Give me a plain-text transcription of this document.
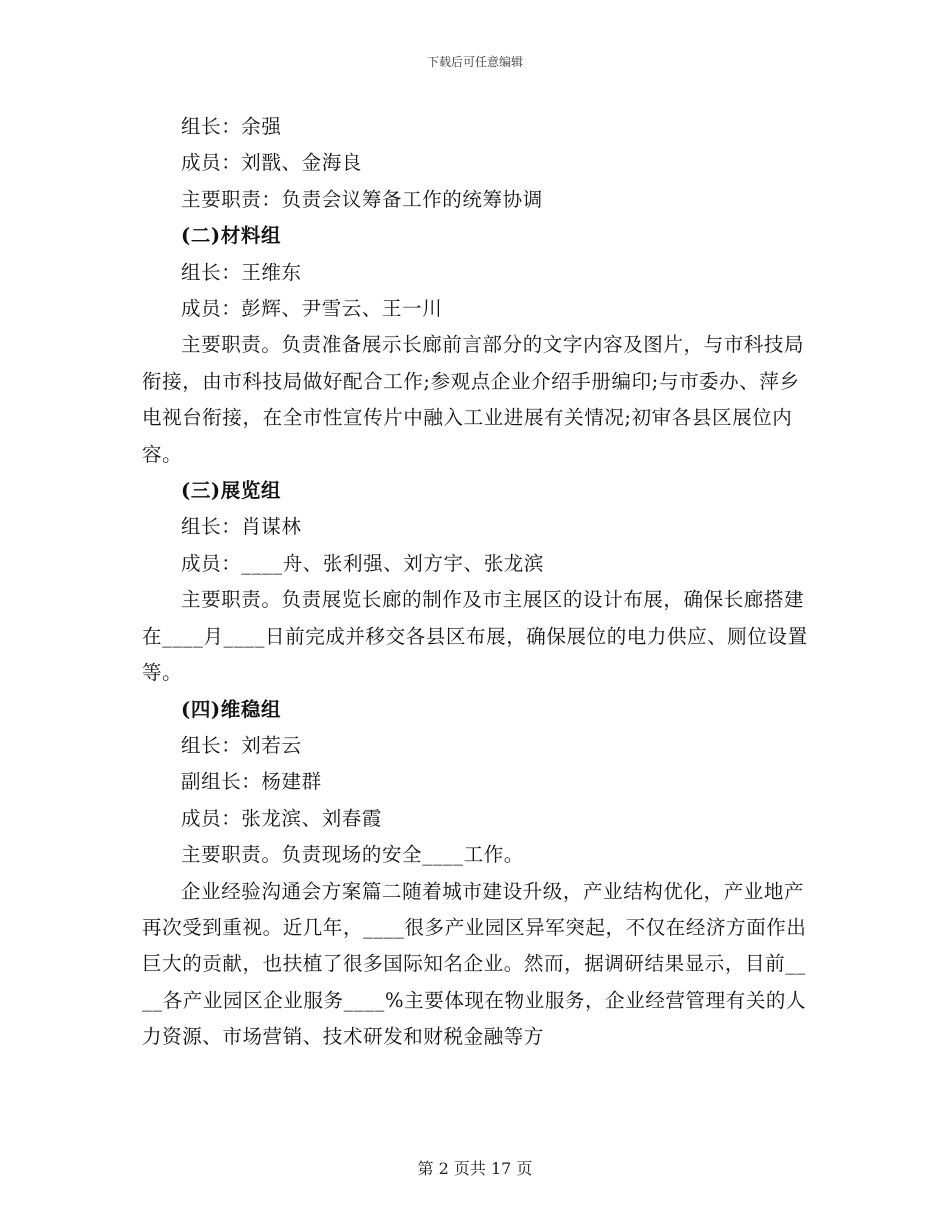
下载后可任意编辑

组长：余强

成员：刘戬、金海良

主要职责：负责会议筹备工作的统筹协调

(二)材料组

组长：王维东

成员：彭辉、尹雪云、王一川

主要职责。负责准备展示长廊前言部分的文字内容及图片，与市科技局衔接，由市科技局做好配合工作;参观点企业介绍手册编印;与市委办、萍乡电视台衔接，在全市性宣传片中融入工业进展有关情况;初审各县区展位内容。

(三)展览组

组长：肖谋林

成员：____舟、张利强、刘方宇、张龙滨

主要职责。负责展览长廊的制作及市主展区的设计布展，确保长廊搭建在____月____日前完成并移交各县区布展，确保展位的电力供应、厕位设置等。

(四)维稳组

组长：刘若云

副组长：杨建群

成员：张龙滨、刘春霞

主要职责。负责现场的安全____工作。

企业经验沟通会方案篇二随着城市建设升级，产业结构优化，产业地产再次受到重视。近几年，____很多产业园区异军突起，不仅在经济方面作出巨大的贡献，也扶植了很多国际知名企业。然而，据调研结果显示，目前____各产业园区企业服务____%主要体现在物业服务，企业经营管理有关的人力资源、市场营销、技术研发和财税金融等方

第 2 页共 17 页
